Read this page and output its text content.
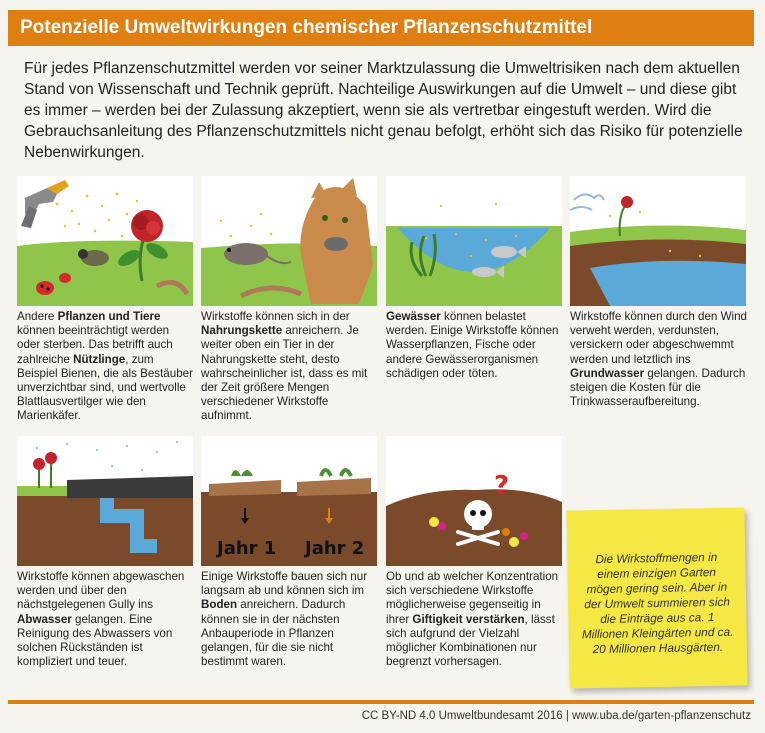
Potenzielle Umweltwirkungen chemischer Pflanzenschutzmittel
Für jedes Pflanzenschutzmittel werden vor seiner Marktzulassung die Umweltrisiken nach dem aktuellen Stand von Wissenschaft und Technik geprüft. Nachteilige Auswirkungen auf die Umwelt – und diese gibt es immer – werden bei der Zulassung akzeptiert, wenn sie als vertretbar eingestuft werden. Wird die Gebrauchsanleitung des Pflanzenschutzmittels nicht genau befolgt, erhöht sich das Risiko für potenzielle Nebenwirkungen.
Andere Pflanzen und Tiere können beeinträchtigt werden oder sterben. Das betrifft auch zahlreiche Nützlinge, zum Beispiel Bienen, die als Bestäuber unverzichtbar sind, und wertvolle Blattlausvertilger wie den Marienkäfer.
Wirkstoffe können sich in der Nahrungskette anreichern. Je weiter oben ein Tier in der Nahrungskette steht, desto wahrscheinlicher ist, dass es mit der Zeit größere Mengen verschiedener Wirkstoffe aufnimmt.
Gewässer können belastet werden. Einige Wirkstoffe können Wasserpflanzen, Fische oder andere Gewässerorganismen schädigen oder töten.
Wirkstoffe können durch den Wind verweht werden, verdunsten, versickern oder abgeschwemmt werden und letztlich ins Grundwasser gelangen. Dadurch steigen die Kosten für die Trinkwasseraufbereitung.
Wirkstoffe können abgewaschen werden und über den nächstgelegenen Gully ins Abwasser gelangen. Eine Reinigung des Abwassers von solchen Rückständen ist kompliziert und teuer.
Jahr 1 Jahr 2
Einige Wirkstoffe bauen sich nur langsam ab und können sich im Boden anreichern. Dadurch können sie in der nächsten Anbauperiode in Pflanzen gelangen, für die sie nicht bestimmt waren.
?
Ob und ab welcher Konzentration sich verschiedene Wirkstoffe möglicherweise gegenseitig in ihrer Giftigkeit verstärken, lässt sich aufgrund der Vielzahl möglicher Kombinationen nur begrenzt vorhersagen.

Die Wirkstoffmengen in einem einzigen Garten mögen gering sein. Aber in der Umwelt summieren sich die Einträge aus ca. 1 Millionen Kleingärten und ca. 20 Millionen Hausgärten.

CC BY-ND 4.0 Umweltbundesamt 2016 | www.uba.de/garten-pflanzenschutz
